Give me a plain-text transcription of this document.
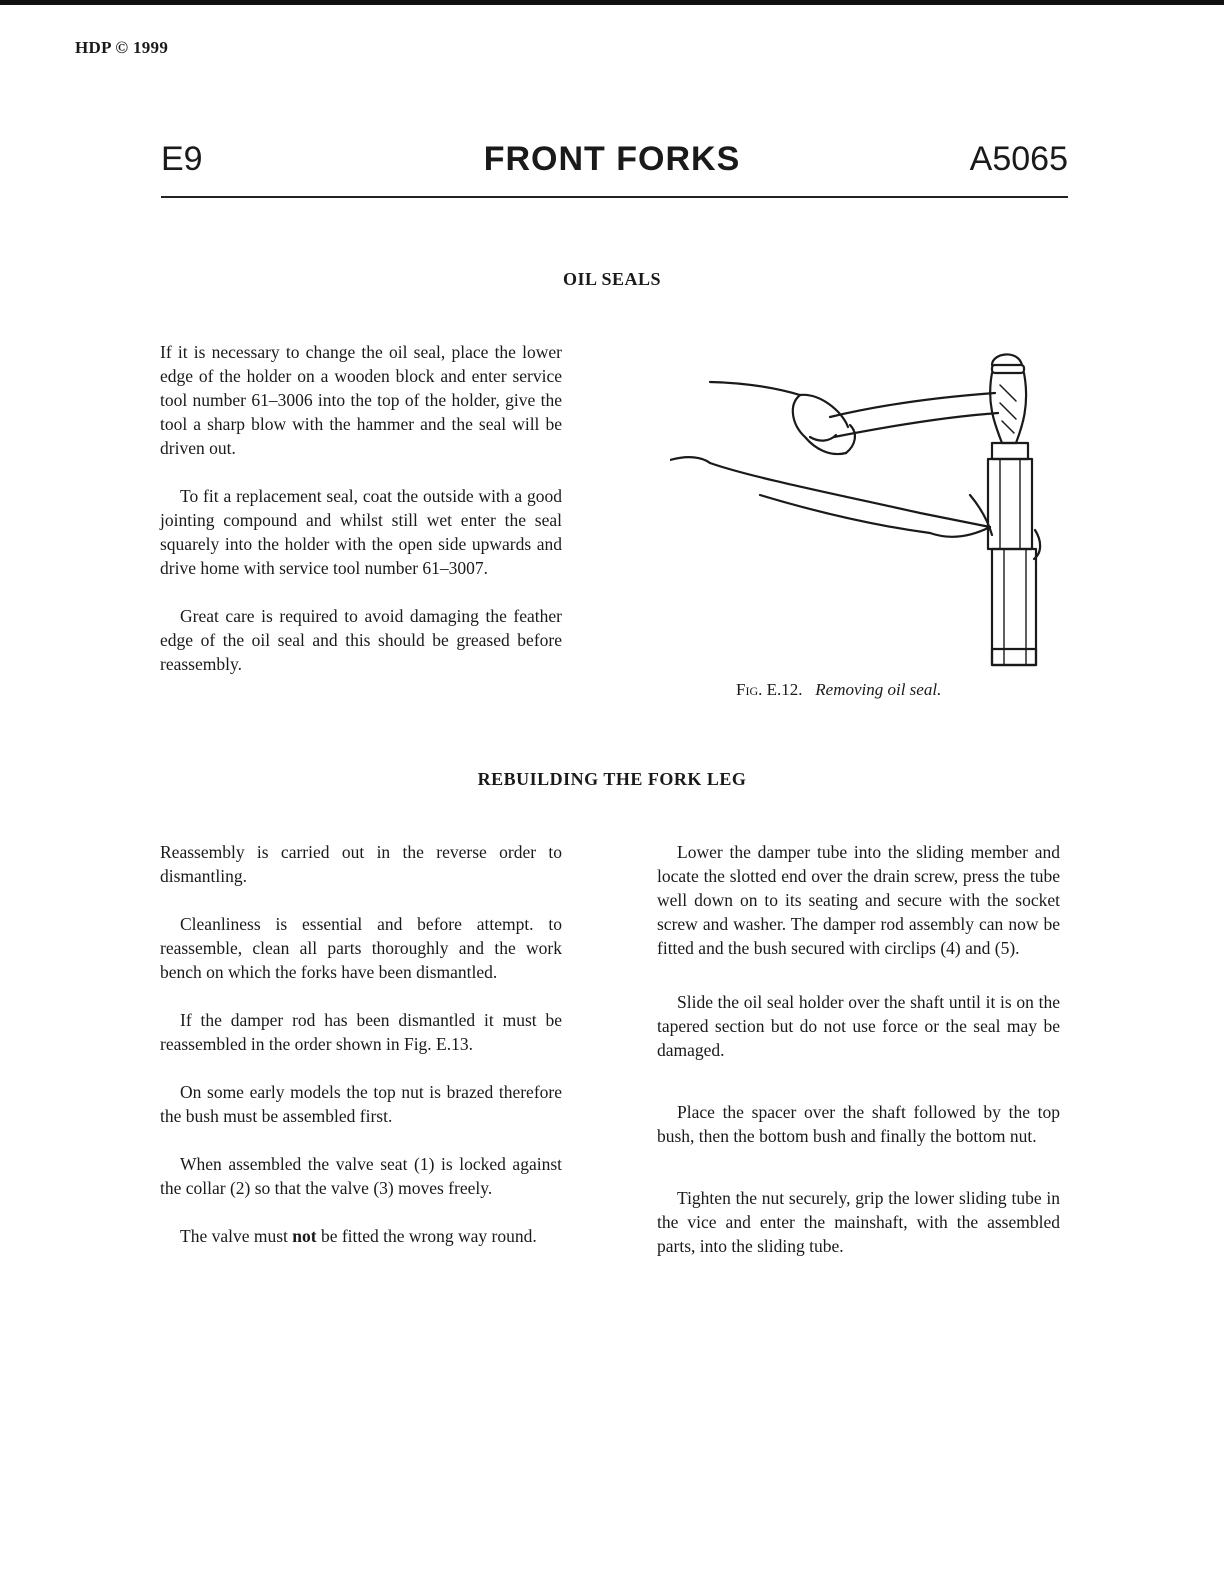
HDP © 1999
E9	FRONT FORKS	A5065
OIL SEALS

If it is necessary to change the oil seal, place the lower edge of the holder on a wooden block and enter service tool number 61–3006 into the top of the holder, give the tool a sharp blow with the hammer and the seal will be driven out.

To fit a replacement seal, coat the outside with a good jointing compound and whilst still wet enter the seal squarely into the holder with the open side upwards and drive home with service tool number 61–3007.

Great care is required to avoid damaging the feather edge of the oil seal and this should be greased before reassembly.

Fig. E.12. Removing oil seal.
REBUILDING THE FORK LEG

Reassembly is carried out in the reverse order to dismantling.

Cleanliness is essential and before attempt. to reassemble, clean all parts thoroughly and the work bench on which the forks have been dismantled.

If the damper rod has been dismantled it must be reassembled in the order shown in Fig. E.13.

On some early models the top nut is brazed therefore the bush must be assembled first.

When assembled the valve seat (1) is locked against the collar (2) so that the valve (3) moves freely.

The valve must not be fitted the wrong way round.

Lower the damper tube into the sliding member and locate the slotted end over the drain screw, press the tube well down on to its seating and secure with the socket screw and washer. The damper rod assembly can now be fitted and the bush secured with circlips (4) and (5).

Slide the oil seal holder over the shaft until it is on the tapered section but do not use force or the seal may be damaged.

Place the spacer over the shaft followed by the top bush, then the bottom bush and finally the bottom nut.

Tighten the nut securely, grip the lower sliding tube in the vice and enter the mainshaft, with the assembled parts, into the sliding tube.
